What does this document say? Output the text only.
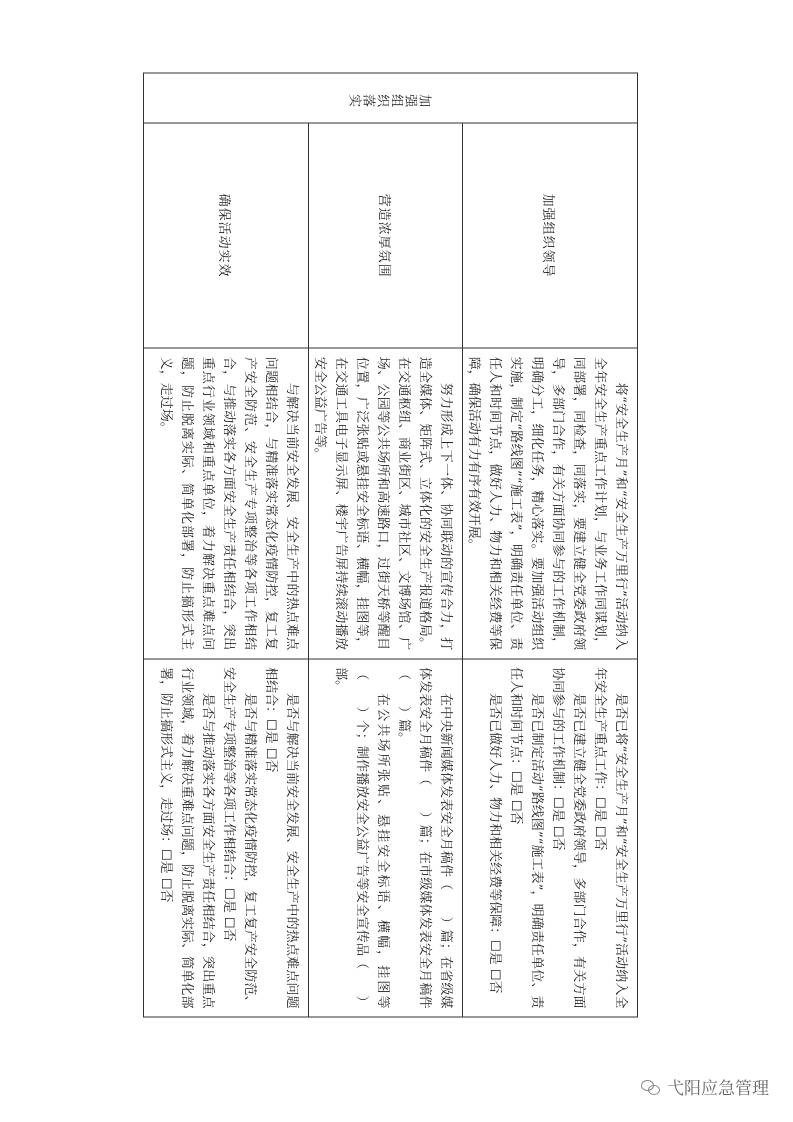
加强组织落实	加强组织领导	将“安全生产月”和“安全生产万里行”活动纳入全年安全生产重点工作计划，与业务工作同谋划，同部署，同检查，同落实，要建立健全党委政府领导，多部门合作，有关方面协同参与的工作机制，明确分工，细化任务，精心落实。要加强活动组织实施，制定“路线图”“施工表”，明确责任单位、责任人和时间节点，做好人力、物力和相关经费等保障，确保活动有力有序有效开展。	是否已将“安全生产月”和“安全生产万里行”活动纳入全年安全生产重点工作：☐是 ☐否

是否已建立健全党委政府领导，多部门合作，有关方面协同参与的工作机制：☐是 ☐否

是否已制定活动“路线图”“施工表”，明确责任单位、责任人和时间节点：☐是 ☐否

是否已做好人力、物力和相关经费等保障：☐是 ☐否

	营造浓厚氛围	努力形成上下一体、协同联动的宣传合力，打造全媒体、矩阵式、立体化的安全生产报道格局。在交通枢纽、商业街区、城市社区、文博场馆、广场、公园等公共场所和高速路口，过街天桥等醒目位置，广泛张贴或悬挂安全标语、横幅，挂图等，在交通工具电子显示屏、楼宇广告屏持续滚动播放安全公益广告等。	在中央新闻媒体发表安全月稿件（　　）篇；在省级媒体发表安全月稿件（　　）篇；在市级媒体发表安全月稿件（　　）篇。

在公共场所张贴、悬挂安全标语、横幅，挂图等（　　）个；制作播放安全公益广告等安全宣传品（　　）部。

	确保活动实效	与解决当前安全发展、安全生产中的热点难点问题相结合，与精准落实常态化疫情防控，复工复产安全防范、安全生产专项整治等各项工作相结合，与推动落实各方面安全生产责任相结合，突出重点行业领域和重点单位，着力解决重点难点问题，防止脱离实际、简单化部署，防止搞形式主义，走过场。	是否与解决当前安全发展、安全生产中的热点难点问题相结合：☐是 ☐否

是否与精准落实常态化疫情防控，复工复产安全防范、安全生产专项整治等各项工作相结合：☐是 ☐否

是否与推动落实各方面安全生产责任相结合，突出重点行业领域，着力解决重难点问题，防止脱离实际、简单化部署，防止搞形式主义，走过场：☐是 ☐否

弋阳应急管理
